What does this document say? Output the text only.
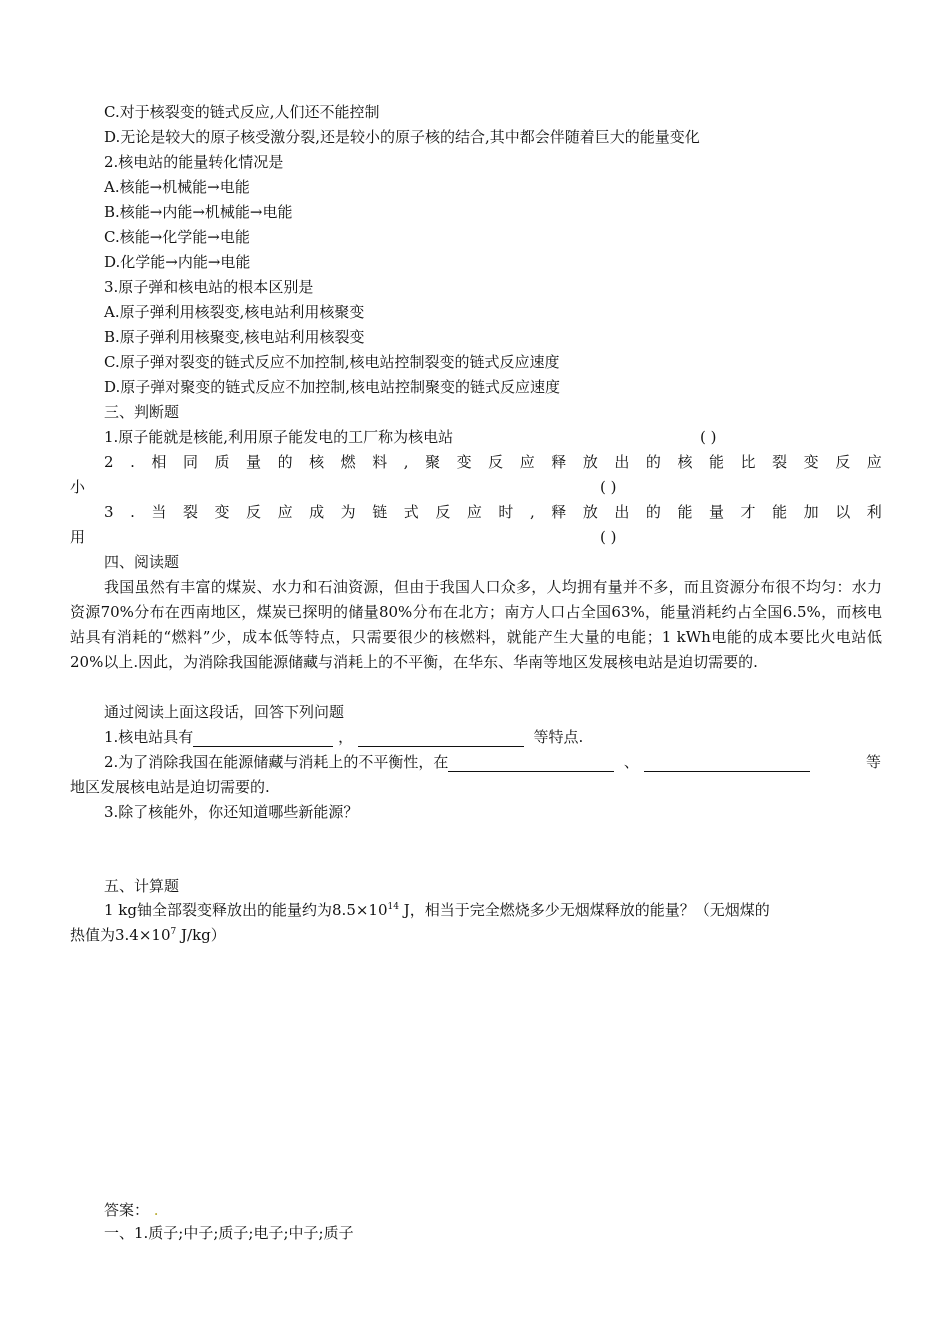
C.对于核裂变的链式反应,人们还不能控制
D.无论是较大的原子核受激分裂,还是较小的原子核的结合,其中都会伴随着巨大的能量变化
2.核电站的能量转化情况是
A.核能→机械能→电能
B.核能→内能→机械能→电能
C.核能→化学能→电能
D.化学能→内能→电能
3.原子弹和核电站的根本区别是
A.原子弹利用核裂变,核电站利用核聚变
B.原子弹利用核聚变,核电站利用核裂变
C.原子弹对裂变的链式反应不加控制,核电站控制裂变的链式反应速度
D.原子弹对聚变的链式反应不加控制,核电站控制聚变的链式反应速度
三、判断题
1.原子能就是核能,利用原子能发电的工厂称为核电站	( )
2 . 相 同 质 量 的 核 燃 料 , 聚 变 反 应 释 放 出 的 核 能 比 裂 变 反 应
小	( )
3 . 当 裂 变 反 应 成 为 链 式 反 应 时 , 释 放 出 的 能 量 才 能 加 以 利
用	( )
四、阅读题

我国虽然有丰富的煤炭、水力和石油资源，但由于我国人口众多，人均拥有量并不多，而且资源分布很不均匀：水力资源70%分布在西南地区，煤炭已探明的储量80%分布在北方；南方人口占全国63%，能量消耗约占全国6.5%，而核电站具有消耗的“燃料”少，成本低等特点，只需要很少的核燃料，就能产生大量的电能；1 kWh电能的成本要比火电站低20%以上.因此，为消除我国能源储藏与消耗上的不平衡，在华东、华南等地区发展核电站是迫切需要的.

通过阅读上面这段话，回答下列问题
1.核电站具有	，	等特点.
2.为了消除我国在能源储藏与消耗上的不平衡性，在	、	等
地区发展核电站是迫切需要的.
3.除了核能外，你还知道哪些新能源？
五、计算题
1 kg铀全部裂变释放出的能量约为$8.5\times 10^{14}$ J，相当于完全燃烧多少无烟煤释放的能量？（无烟煤的
热值为$3.4\times 10^7$ J/kg）
答案： .
一、1.质子;中子;质子;电子;中子;质子
